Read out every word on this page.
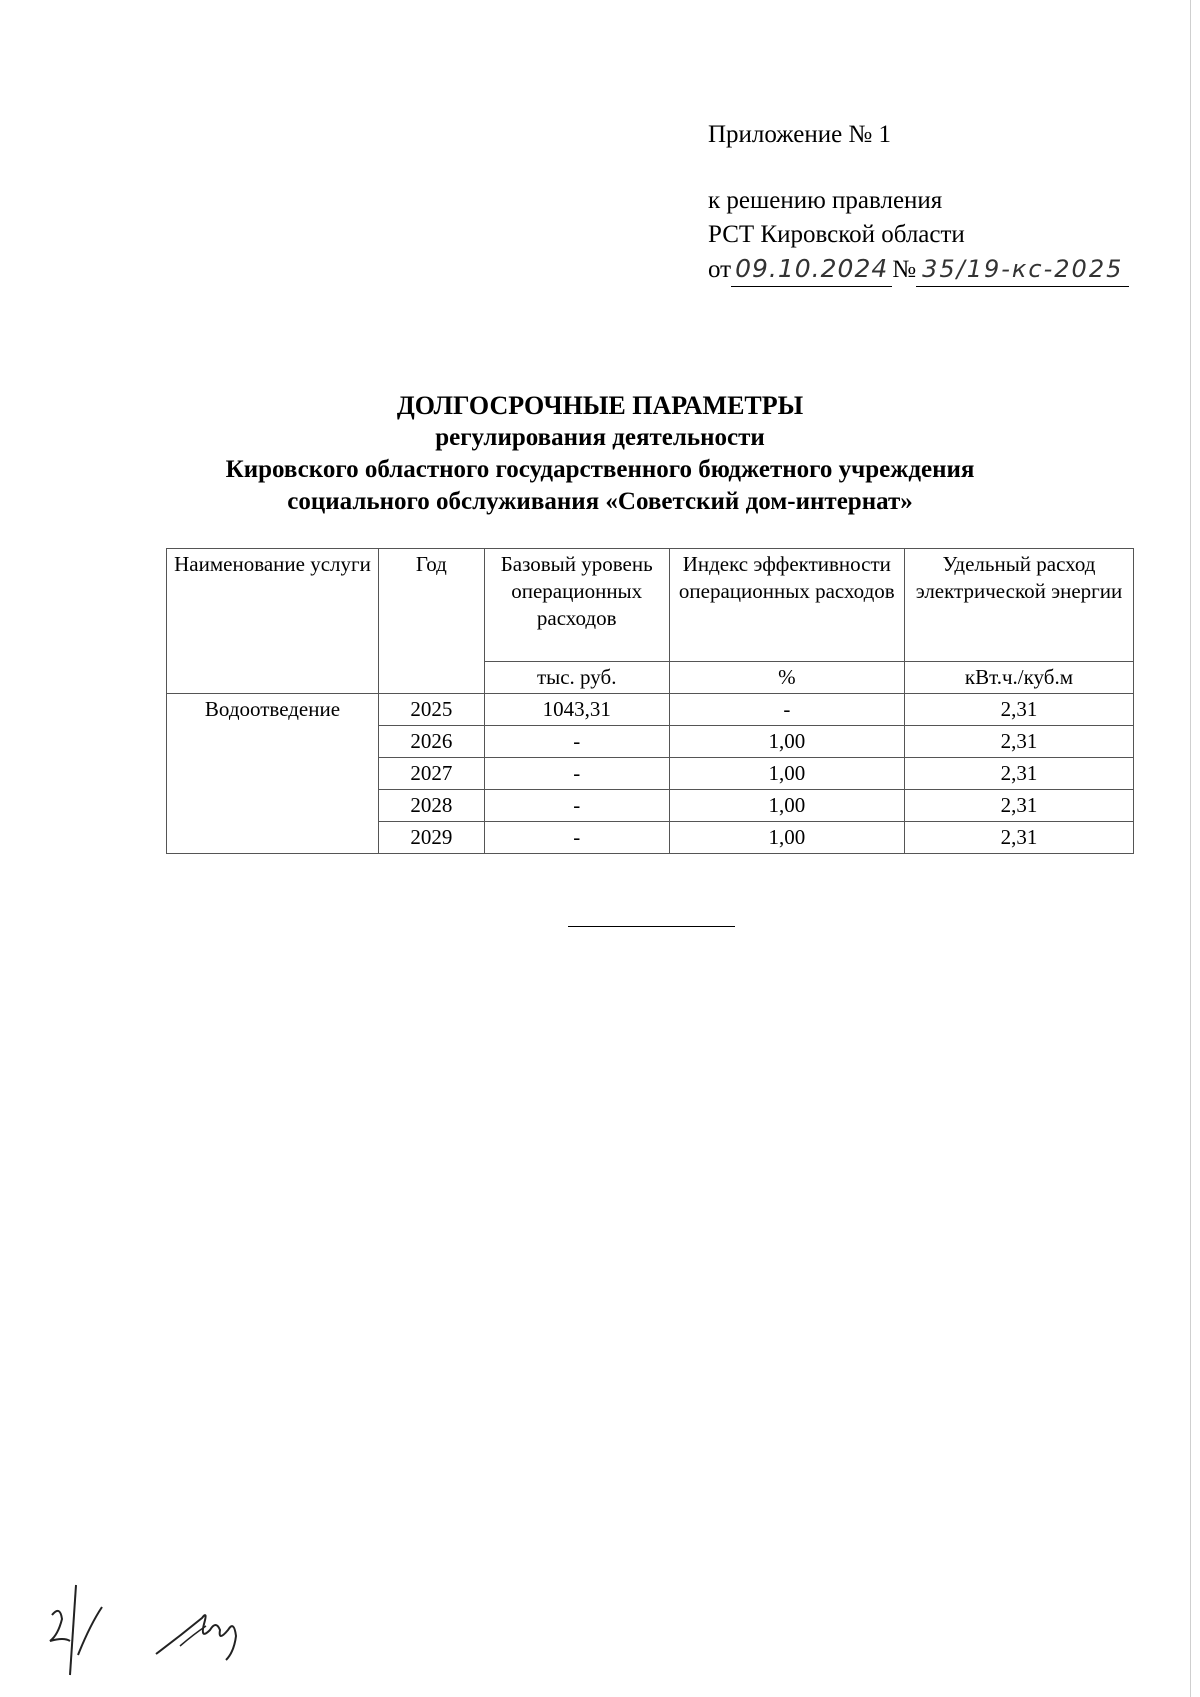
Приложение № 1
к решению правления
РСТ Кировской области
от 09.10.2024 № 35/19-кс-2025
ДОЛГОСРОЧНЫЕ ПАРАМЕТРЫ
регулирования деятельности
Кировского областного государственного бюджетного учреждения
социального обслуживания «Советский дом-интернат»
Наименование услуги	Год	Базовый уровень операционных расходов	Индекс эффективности операционных расходов	Удельный расход электрической энергии
		тыс. руб.	%	кВт.ч./куб.м
Водоотведение	2025	1043,31	-	2,31
	2026	-	1,00	2,31
	2027	-	1,00	2,31
	2028	-	1,00	2,31
	2029	-	1,00	2,31
